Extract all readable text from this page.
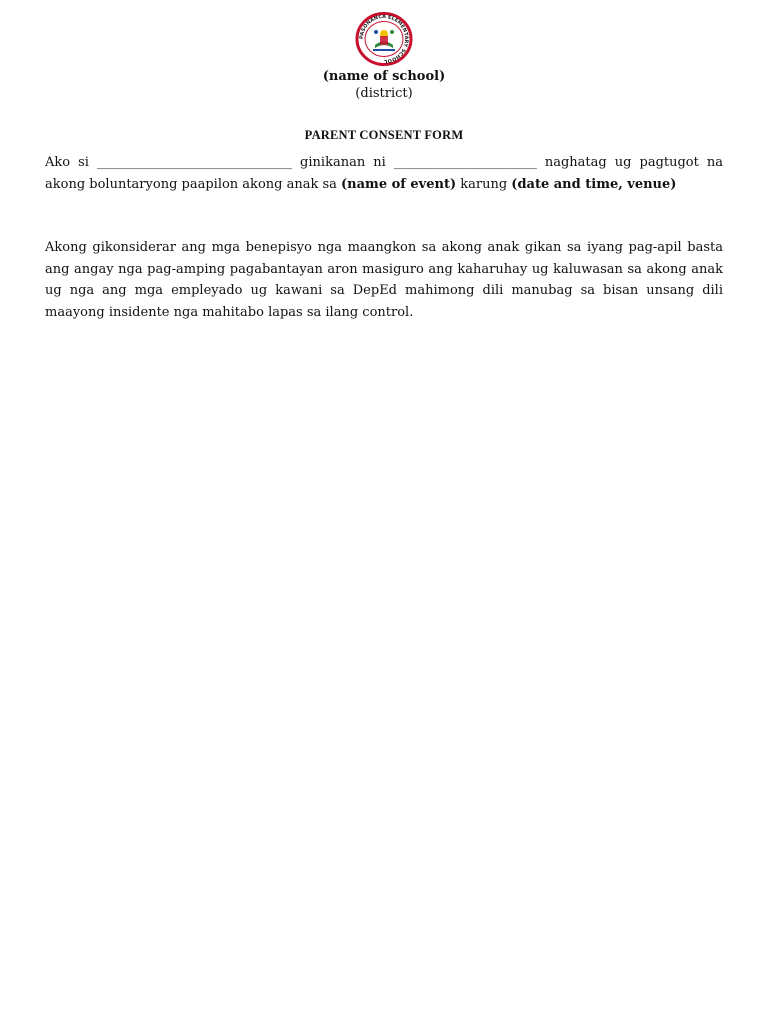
PASONANCA ELEMENTARY SCHOOL
(name of school)
(district)
PARENT CONSENT FORM
Ako si ______________________________ ginikanan ni ______________________ naghatag ug pagtugot na akong boluntaryong paapilon akong anak sa (name of event) karung (date and time, venue)
Akong gikonsiderar ang mga benepisyo nga maangkon sa akong anak gikan sa iyang pag-apil basta ang angay nga pag-amping pagabantayan aron masiguro ang kaharuhay ug kaluwasan sa akong anak ug nga ang mga empleyado ug kawani sa DepEd mahimong dili manubag sa bisan unsang dili maayong insidente nga mahitabo lapas sa ilang control.
